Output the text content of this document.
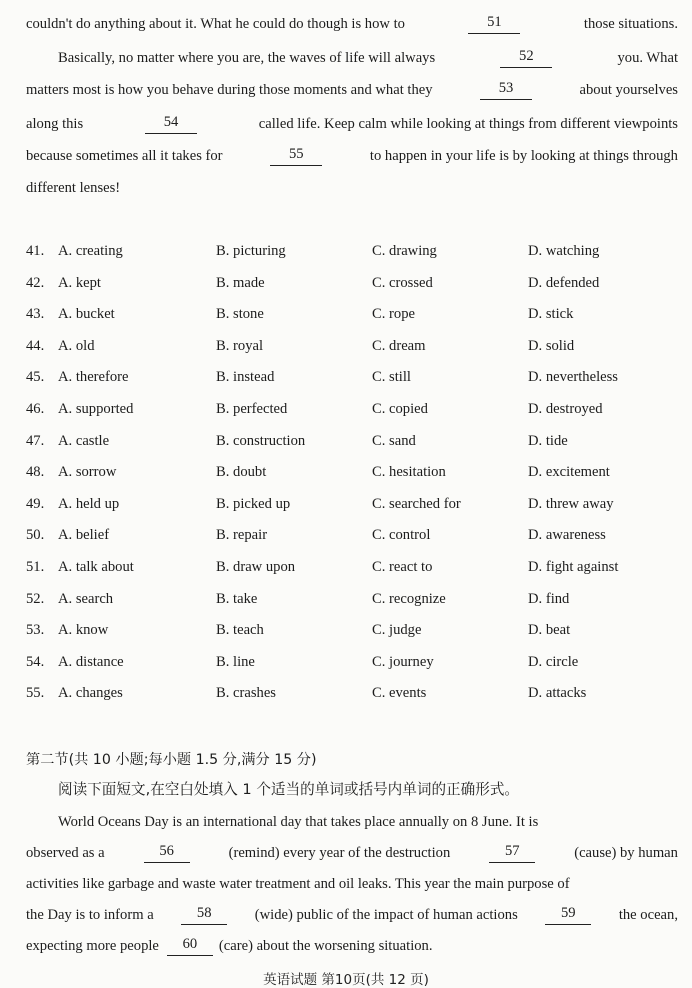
couldn't do anything about it. What he could do though is how to	51	those situations.
Basically, no matter where you are, the waves of life will always	52	you. What
matters most is how you behave during those moments and what they	53	about yourselves
along this	54	called life. Keep calm while looking at things from different viewpoints
because sometimes all it takes for	55	to happen in your life is by looking at things through
different lenses!
41. A. creating	B. picturing	C. drawing	D. watching
42. A. kept	B. made	C. crossed	D. defended
43. A. bucket	B. stone	C. rope	D. stick
44. A. old	B. royal	C. dream	D. solid
45. A. therefore	B. instead	C. still	D. nevertheless
46. A. supported	B. perfected	C. copied	D. destroyed
47. A. castle	B. construction	C. sand	D. tide
48. A. sorrow	B. doubt	C. hesitation	D. excitement
49. A. held up	B. picked up	C. searched for	D. threw away
50. A. belief	B. repair	C. control	D. awareness
51. A. talk about	B. draw upon	C. react to	D. fight against
52. A. search	B. take	C. recognize	D. find
53. A. know	B. teach	C. judge	D. beat
54. A. distance	B. line	C. journey	D. circle
55. A. changes	B. crashes	C. events	D. attacks
第二节(共 10 小题;每小题 1.5 分,满分 15 分)
阅读下面短文,在空白处填入 1 个适当的单词或括号内单词的正确形式。
World Oceans Day is an international day that takes place annually on 8 June. It is
observed as a	56	(remind) every year of the destruction	57	(cause) by human
activities like garbage and waste water treatment and oil leaks. This year the main purpose of
the Day is to inform a	58	(wide) public of the impact of human actions	59	the ocean,
expecting more people	60	(care) about the worsening situation.
英语试题 第10页(共 12 页)
